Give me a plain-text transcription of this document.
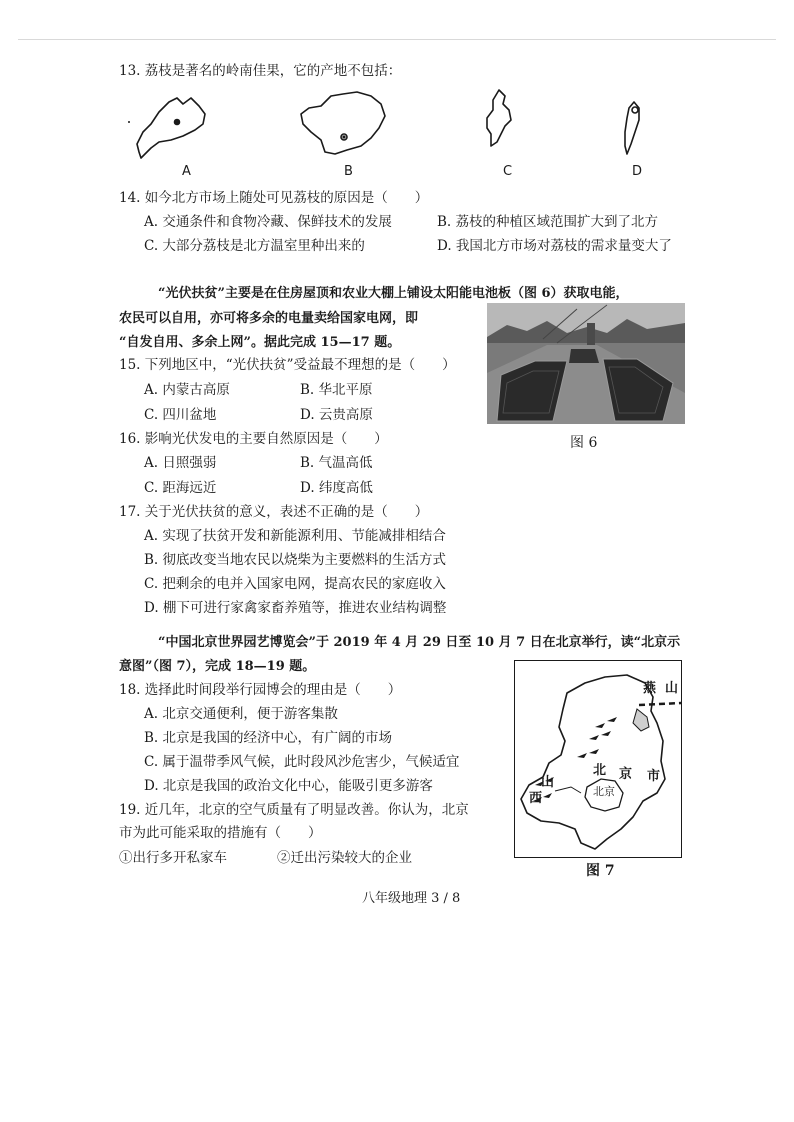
13. 荔枝是著名的岭南佳果，它的产地不包括：
A	B	C	D
14. 如今北方市场上随处可见荔枝的原因是（　　）
A. 交通条件和食物冷藏、保鲜技术的发展	B. 荔枝的种植区域范围扩大到了北方
C. 大部分荔枝是北方温室里种出来的	D. 我国北方市场对荔枝的需求量变大了
“光伏扶贫”主要是在住房屋顶和农业大棚上铺设太阳能电池板（图 6）获取电能，
农民可以自用，亦可将多余的电量卖给国家电网，即
“自发自用、多余上网”。据此完成 15—17 题。
图 6
15. 下列地区中，“光伏扶贫”受益最不理想的是（　　）
A. 内蒙古高原	B. 华北平原
C. 四川盆地	D. 云贵高原
16. 影响光伏发电的主要自然原因是（　　）
A. 日照强弱	B. 气温高低
C. 距海远近	D. 纬度高低
17. 关于光伏扶贫的意义，表述不正确的是（　　）
A. 实现了扶贫开发和新能源利用、节能减排相结合
B. 彻底改变当地农民以烧柴为主要燃料的生活方式
C. 把剩余的电并入国家电网，提高农民的家庭收入
D. 棚下可进行家禽家畜养殖等，推进农业结构调整
“中国北京世界园艺博览会”于 2019 年 4 月 29 日至 10 月 7 日在北京举行，读“北京示
意图”（图 7），完成 18—19 题。
18. 选择此时间段举行园博会的理由是（　　）
A. 北京交通便利，便于游客集散
B. 北京是我国的经济中心，有广阔的市场
C. 属于温带季风气候，此时段风沙危害少，气候适宜
D. 北京是我国的政治文化中心，能吸引更多游客
19. 近几年，北京的空气质量有了明显改善。你认为，北京
市为此可能采取的措施有（　　）
①出行多开私家车	②迁出污染较大的企业
燕 山
山
西
北 京 市
北京
图 7
八年级地理 3 / 8
